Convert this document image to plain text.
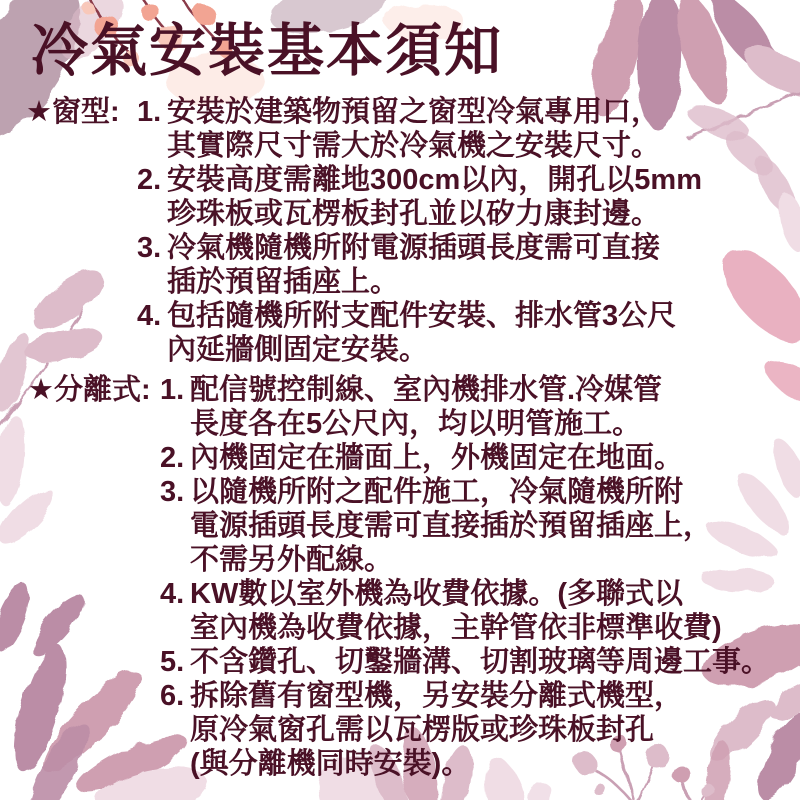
冷氣安裝基本須知
★窗型: 1. 安裝於建築物預留之窗型冷氣專用口，
其實際尺寸需大於冷氣機之安裝尺寸。
2. 安裝高度需離地300cm以內，開孔以5mm
珍珠板或瓦楞板封孔並以矽力康封邊。
3. 冷氣機隨機所附電源插頭長度需可直接
插於預留插座上。
4. 包括隨機所附支配件安裝、排水管3公尺
內延牆側固定安裝。
★分離式: 1. 配信號控制線、室內機排水管.冷媒管
長度各在5公尺內，均以明管施工。
2. 內機固定在牆面上，外機固定在地面。
3. 以隨機所附之配件施工，冷氣隨機所附
電源插頭長度需可直接插於預留插座上，
不需另外配線。
4. KW數以室外機為收費依據。(多聯式以
室內機為收費依據，主幹管依非標準收費)
5. 不含鑽孔、切鑿牆溝、切割玻璃等周邊工事。
6. 拆除舊有窗型機，另安裝分離式機型，
原冷氣窗孔需以瓦楞版或珍珠板封孔
(與分離機同時安裝)。
